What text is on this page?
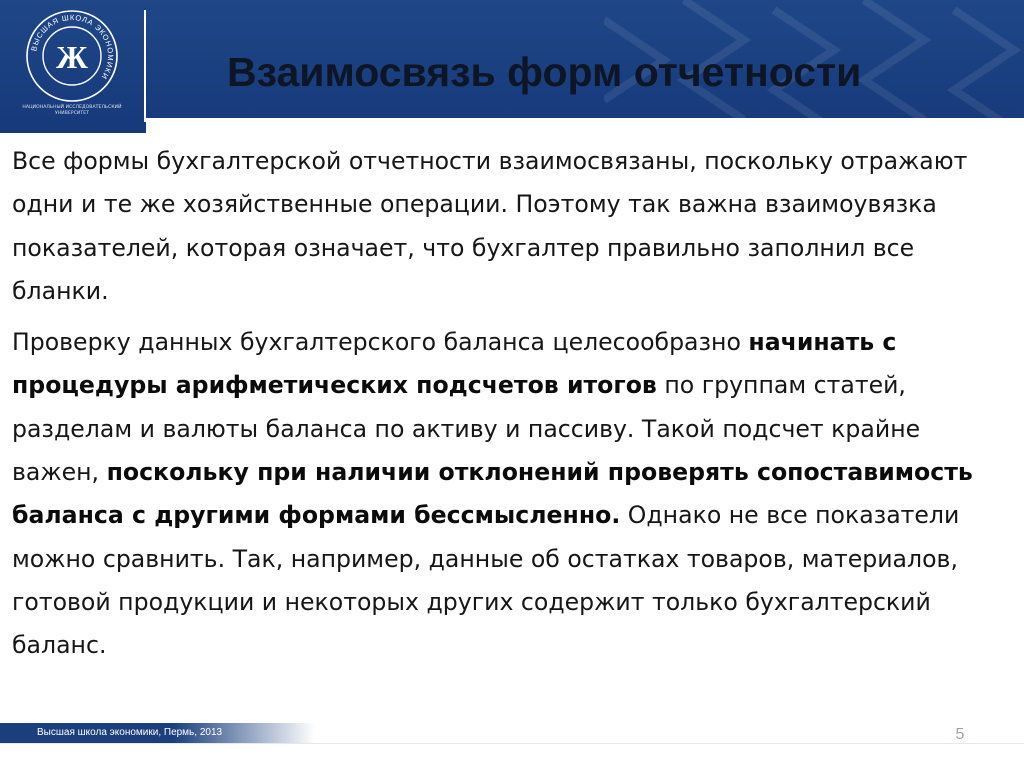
ВЫСШАЯ ШКОЛА ЭКОНОМИКИ
Ж
НАЦИОНАЛЬНЫЙ ИССЛЕДОВАТЕЛЬСКИЙ УНИВЕРСИТЕТ
Взаимосвязь форм отчетности

Все формы бухгалтерской отчетности взаимосвязаны, поскольку отражают одни и те же хозяйственные операции. Поэтому так важна взаимоувязка показателей, которая означает, что бухгалтер правильно заполнил все бланки.

Проверку данных бухгалтерского баланса целесообразно начинать с процедуры арифметических подсчетов итогов по группам статей, разделам и валюты баланса по активу и пассиву. Такой подсчет крайне важен, поскольку при наличии отклонений проверять сопоставимость баланса с другими формами бессмысленно. Однако не все показатели можно сравнить. Так, например, данные об остатках товаров, материалов, готовой продукции и некоторых других содержит только бухгалтерский баланс.

Высшая школа экономики, Пермь, 2013	5
